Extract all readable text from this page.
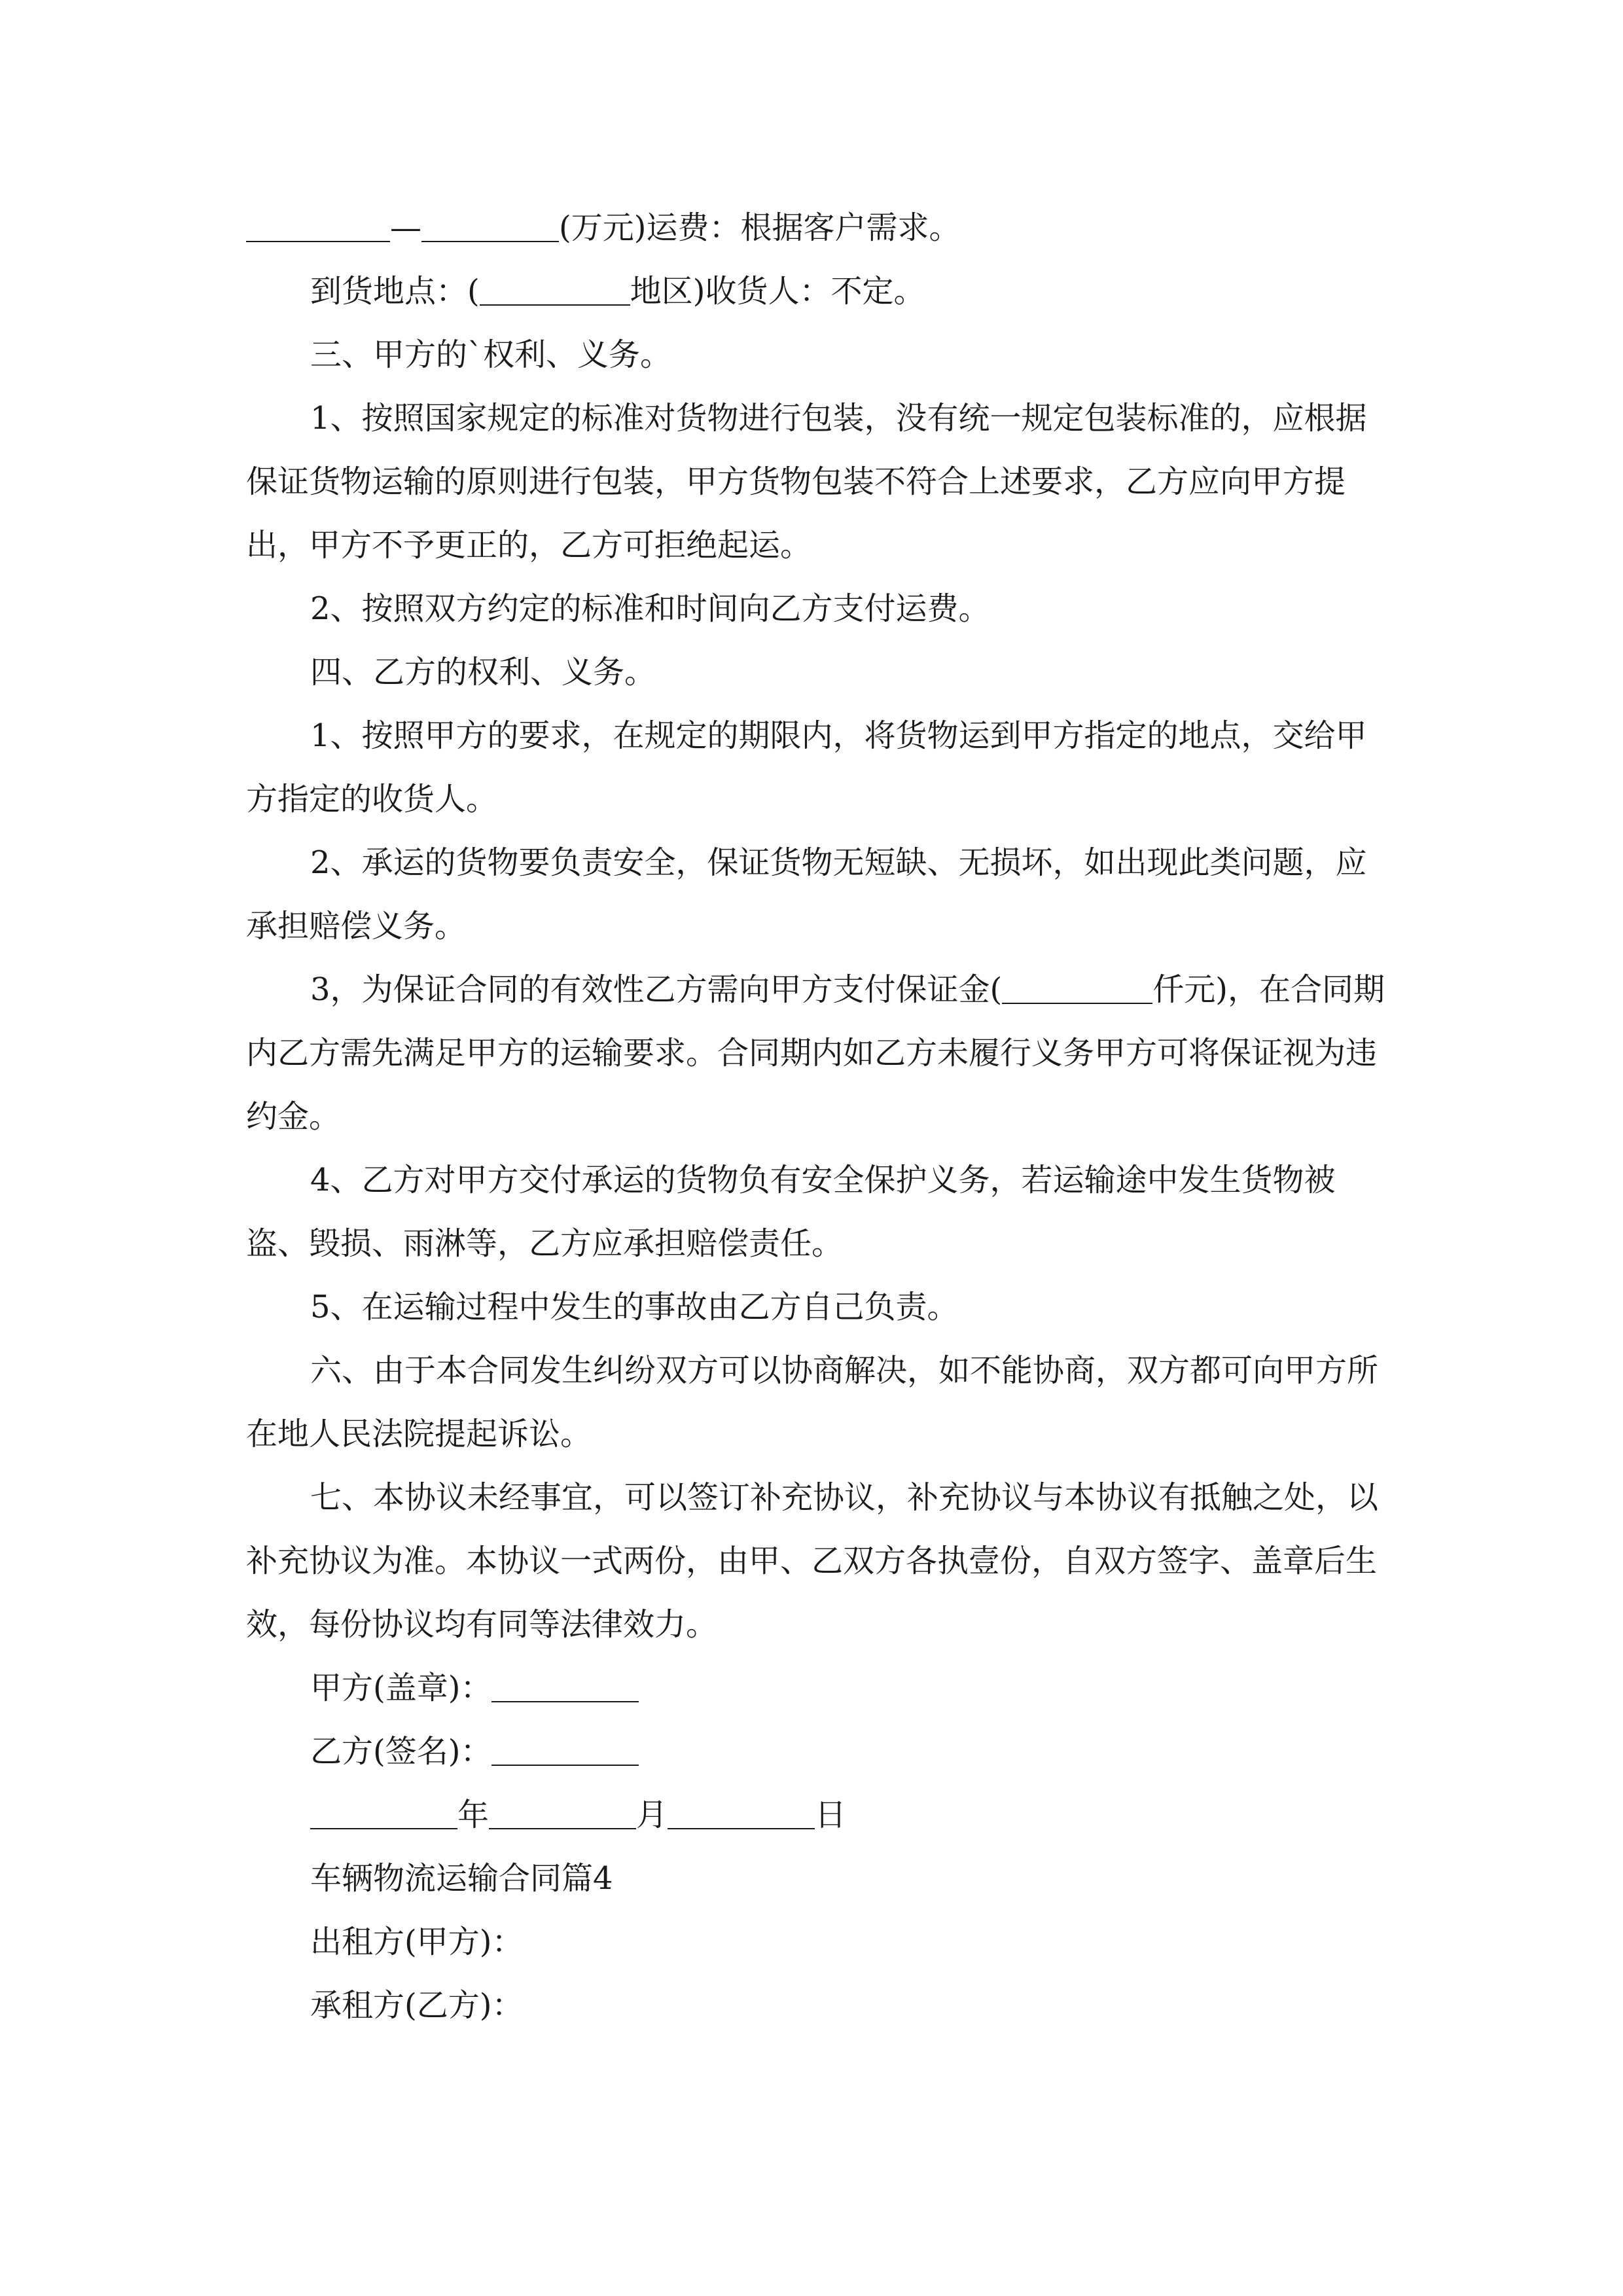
—	(万元)运费：根据客户需求。

到货地点：(	地区)收货人：不定。

三、甲方的`权利、义务。

1、按照国家规定的标准对货物进行包装，没有统一规定包装标准的，应根据保证货物运输的原则进行包装，甲方货物包装不符合上述要求，乙方应向甲方提出，甲方不予更正的，乙方可拒绝起运。

2、按照双方约定的标准和时间向乙方支付运费。

四、乙方的权利、义务。

1、按照甲方的要求，在规定的期限内，将货物运到甲方指定的地点，交给甲方指定的收货人。

2、承运的货物要负责安全，保证货物无短缺、无损坏，如出现此类问题，应承担赔偿义务。

3，为保证合同的有效性乙方需向甲方支付保证金(	仟元)，在合同期内乙方需先满足甲方的运输要求。合同期内如乙方未履行义务甲方可将保证视为违约金。

4、乙方对甲方交付承运的货物负有安全保护义务，若运输途中发生货物被盗、毁损、雨淋等，乙方应承担赔偿责任。

5、在运输过程中发生的事故由乙方自己负责。

六、由于本合同发生纠纷双方可以协商解决，如不能协商，双方都可向甲方所在地人民法院提起诉讼。

七、本协议未经事宜，可以签订补充协议，补充协议与本协议有抵触之处，以补充协议为准。本协议一式两份，由甲、乙双方各执壹份，自双方签字、盖章后生效，每份协议均有同等法律效力。

甲方(盖章)：

乙方(签名)：

年	月	日

车辆物流运输合同篇4

出租方(甲方)：

承租方(乙方)：
